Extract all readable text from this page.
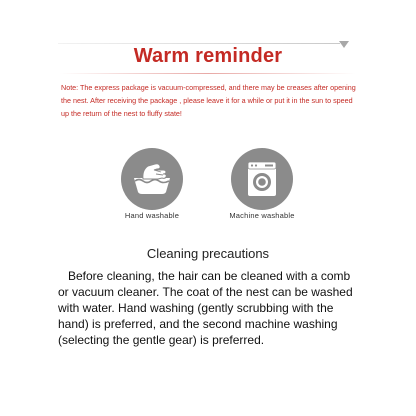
Warm reminder
Note: The express package is vacuum-compressed, and there may be creases after opening the nest. After receiving the package , please leave it for a while or put it in the sun to speed up the return of the nest to fluffy state!
Hand washable	Machine washable
Cleaning precautions
Before cleaning, the hair can be cleaned with a comb or vacuum cleaner. The coat of the nest can be washed with water. Hand washing (gently scrubbing with the hand) is preferred, and the second machine washing (selecting the gentle gear) is preferred.
